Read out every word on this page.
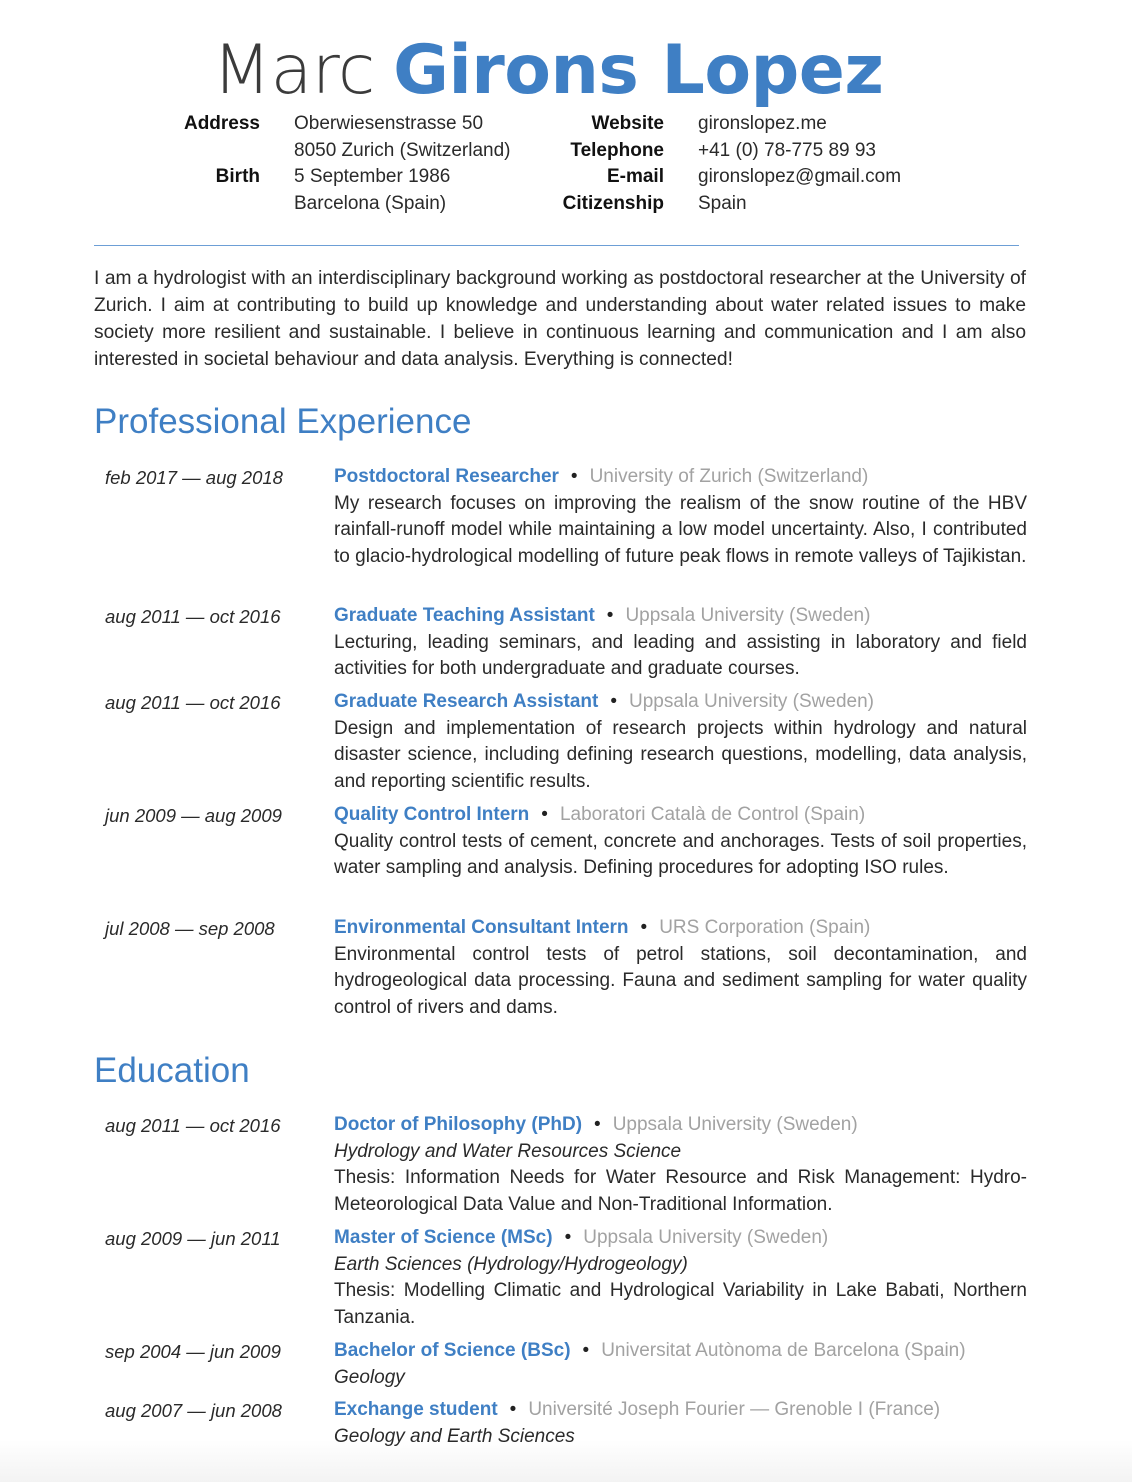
Marc Girons Lopez
Address Oberwiesenstrasse 50
8050 Zurich (Switzerland)
Birth 5 September 1986
Barcelona (Spain)
Website gironslopez.me
Telephone +41 (0) 78-775 89 93
E-mail gironslopez@gmail.com
Citizenship Spain

I am a hydrologist with an interdisciplinary background working as postdoctoral researcher at the University of Zurich. I aim at contributing to build up knowledge and understanding about water related issues to make society more resilient and sustainable. I believe in continuous learning and communication and I am also interested in societal behaviour and data analysis. Everything is connected!

Professional Experience
feb 2017 — aug 2018	Postdoctoral Researcher • University of Zurich (Switzerland)

My research focuses on improving the realism of the snow routine of the HBV rainfall-runoff model while maintaining a low model uncertainty. Also, I contributed to glacio-hydrological modelling of future peak flows in remote valleys of Tajikistan.

aug 2011 — oct 2016	Graduate Teaching Assistant • Uppsala University (Sweden)

Lecturing, leading seminars, and leading and assisting in laboratory and field activities for both undergraduate and graduate courses.

aug 2011 — oct 2016	Graduate Research Assistant • Uppsala University (Sweden)

Design and implementation of research projects within hydrology and natural disaster science, including defining research questions, modelling, data analysis, and reporting scientific results.

jun 2009 — aug 2009	Quality Control Intern • Laboratori Català de Control (Spain)

Quality control tests of cement, concrete and anchorages. Tests of soil properties, water sampling and analysis. Defining procedures for adopting ISO rules.

jul 2008 — sep 2008	Environmental Consultant Intern • URS Corporation (Spain)

Environmental control tests of petrol stations, soil decontamination, and hydrogeological data processing. Fauna and sediment sampling for water quality control of rivers and dams.

Education
aug 2011 — oct 2016	Doctor of Philosophy (PhD) • Uppsala University (Sweden)

Hydrology and Water Resources Science

Thesis: Information Needs for Water Resource and Risk Management: Hydro-Meteorological Data Value and Non-Traditional Information.

aug 2009 — jun 2011	Master of Science (MSc) • Uppsala University (Sweden)

Earth Sciences (Hydrology/Hydrogeology)

Thesis: Modelling Climatic and Hydrological Variability in Lake Babati, Northern Tanzania.

sep 2004 — jun 2009	Bachelor of Science (BSc) • Universitat Autònoma de Barcelona (Spain)

Geology

aug 2007 — jun 2008	Exchange student • Université Joseph Fourier — Grenoble I (France)

Geology and Earth Sciences
